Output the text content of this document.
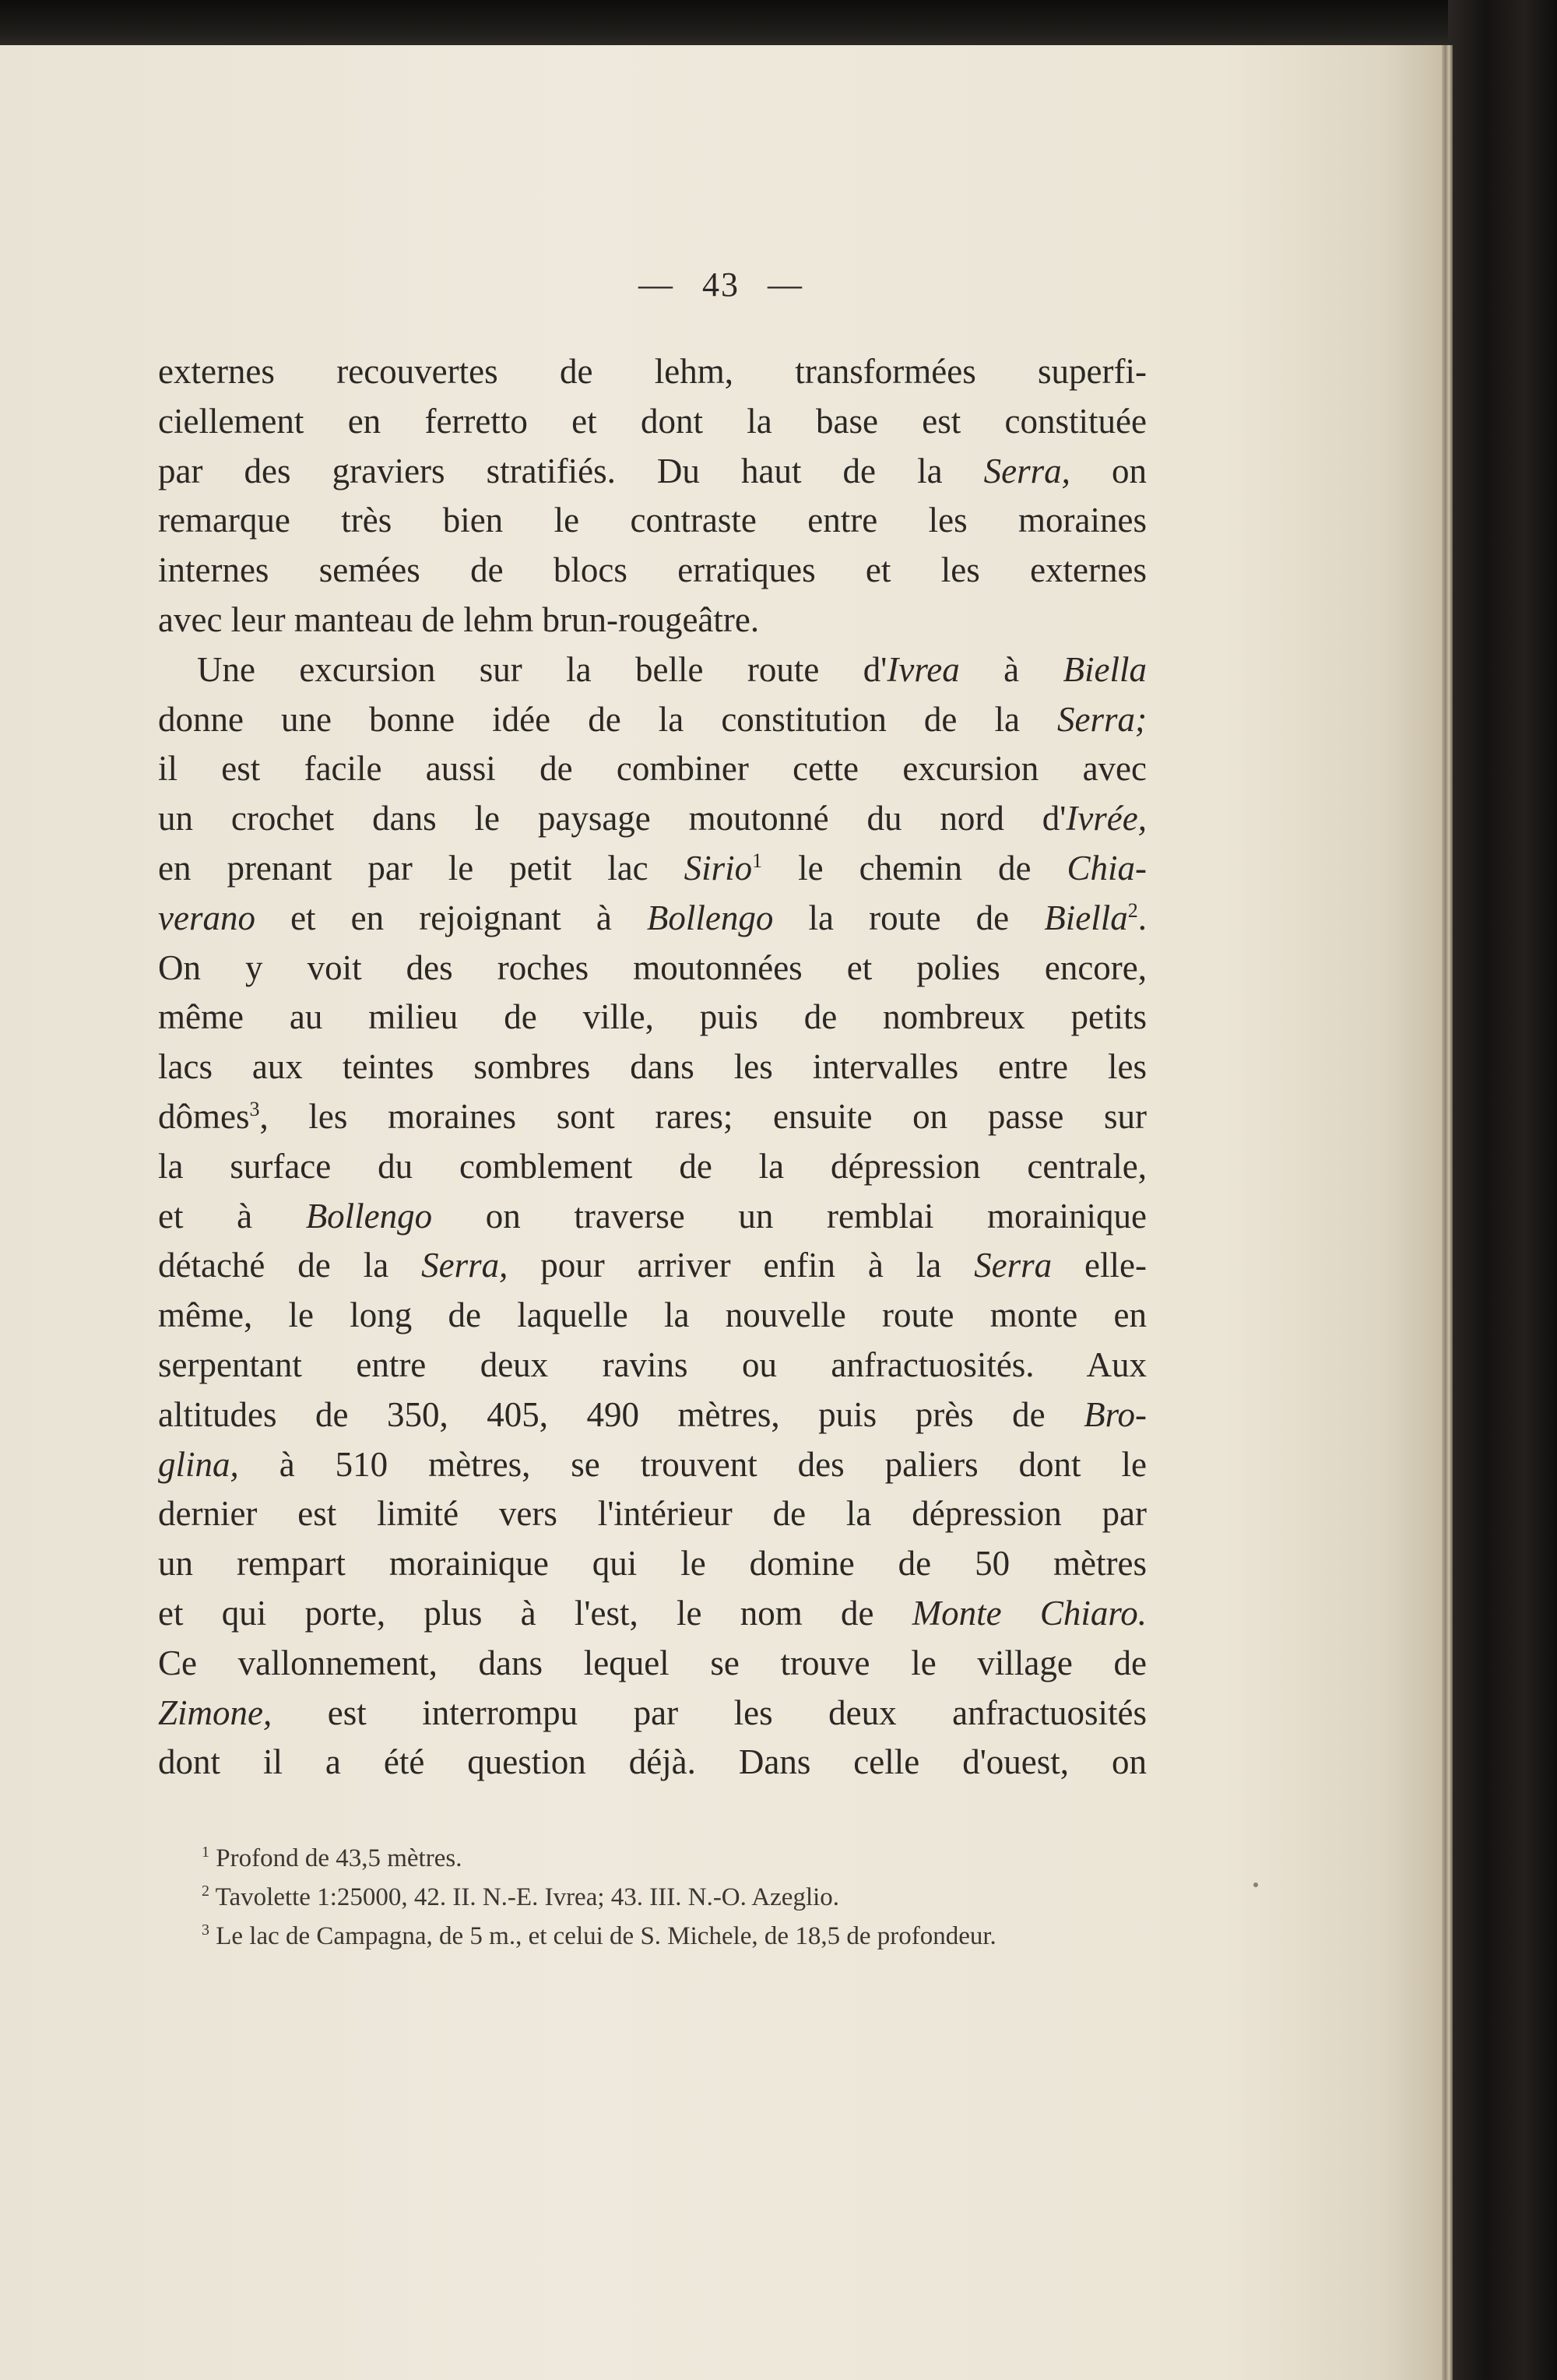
— 43 —
externes recouvertes de lehm, transformées superfi-
ciellement en ferretto et dont la base est constituée
par des graviers stratifiés. Du haut de la Serra, on
remarque très bien le contraste entre les moraines
internes semées de blocs erratiques et les externes
avec leur manteau de lehm brun-rougeâtre.
Une excursion sur la belle route d'Ivrea à Biella
donne une bonne idée de la constitution de la Serra;
il est facile aussi de combiner cette excursion avec
un crochet dans le paysage moutonné du nord d'Ivrée,
en prenant par le petit lac Sirio$^1$ le chemin de Chia-
verano et en rejoignant à Bollengo la route de Biella$^2$.
On y voit des roches moutonnées et polies encore,
même au milieu de ville, puis de nombreux petits
lacs aux teintes sombres dans les intervalles entre les
dômes$^3$, les moraines sont rares; ensuite on passe sur
la surface du comblement de la dépression centrale,
et à Bollengo on traverse un remblai morainique
détaché de la Serra, pour arriver enfin à la Serra elle-
même, le long de laquelle la nouvelle route monte en
serpentant entre deux ravins ou anfractuosités. Aux
altitudes de 350, 405, 490 mètres, puis près de Bro-
glina, à 510 mètres, se trouvent des paliers dont le
dernier est limité vers l'intérieur de la dépression par
un rempart morainique qui le domine de 50 mètres
et qui porte, plus à l'est, le nom de Monte Chiaro.
Ce vallonnement, dans lequel se trouve le village de
Zimone, est interrompu par les deux anfractuosités
dont il a été question déjà. Dans celle d'ouest, on
$^1$ Profond de 43,5 mètres.
$^2$ Tavolette 1:25000, 42. II. N.-E. Ivrea; 43. III. N.-O. Azeglio.
$^3$ Le lac de Campagna, de 5 m., et celui de S. Michele, de 18,5 de profondeur.
